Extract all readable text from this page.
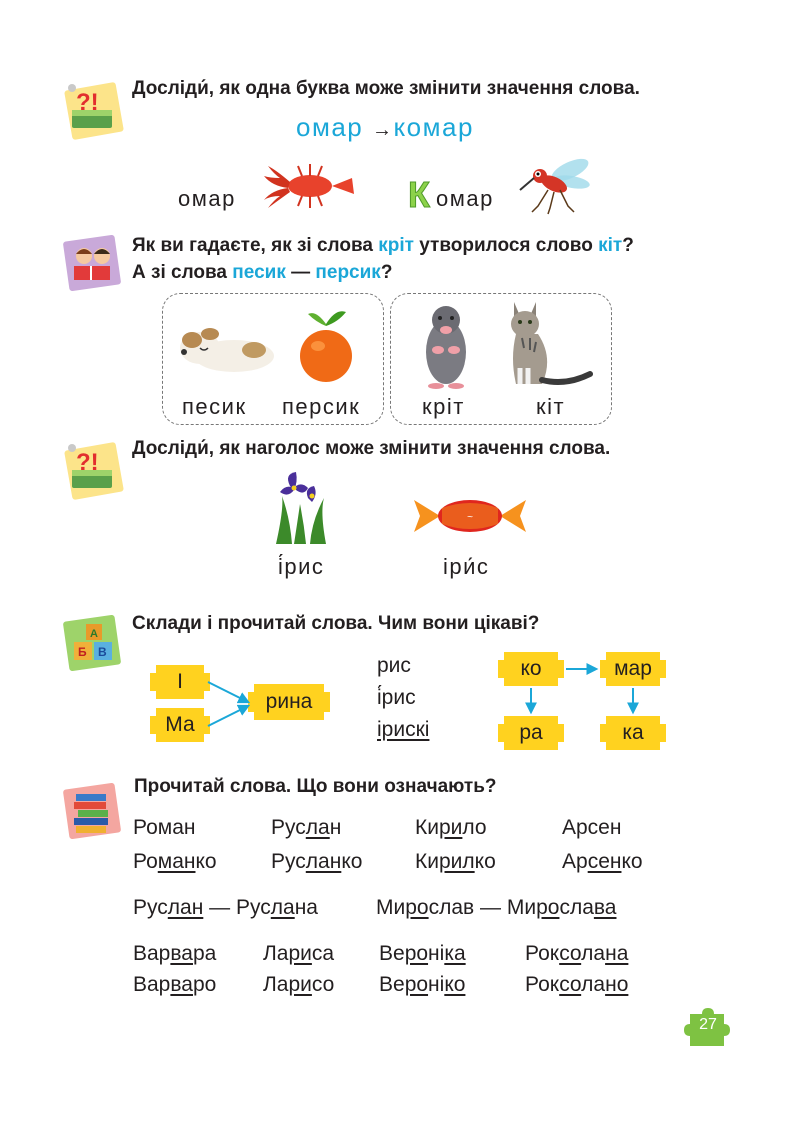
?!
Досліди́, як одна буква може змінити значення слова.
омар →комар
омар	К омар
Як ви гадаєте, як зі слова кріт утворилося слово кіт?
А зі слова песик — персик?
песик персик	кріт	кіт
?!
Досліди́, як наголос може змінити значення слова.
~
і́рис	іри́с
Б В
А Склади і прочитай слова. Чим вони цікаві?
І
Ма
рина
рис
і́рис
ірискі
ко	мар
ра	ка
Прочитай слова. Що вони означають?
Роман	Руслан	Кирило	Арсен
Романко	Русланко	Кирилко	Арсенко
Руслан — Руслана	Мирослав — Мирослава
Варвара Лариса Вероніка	Роксолана
Варваро Ларисо Вероніко	Роксолано
27
